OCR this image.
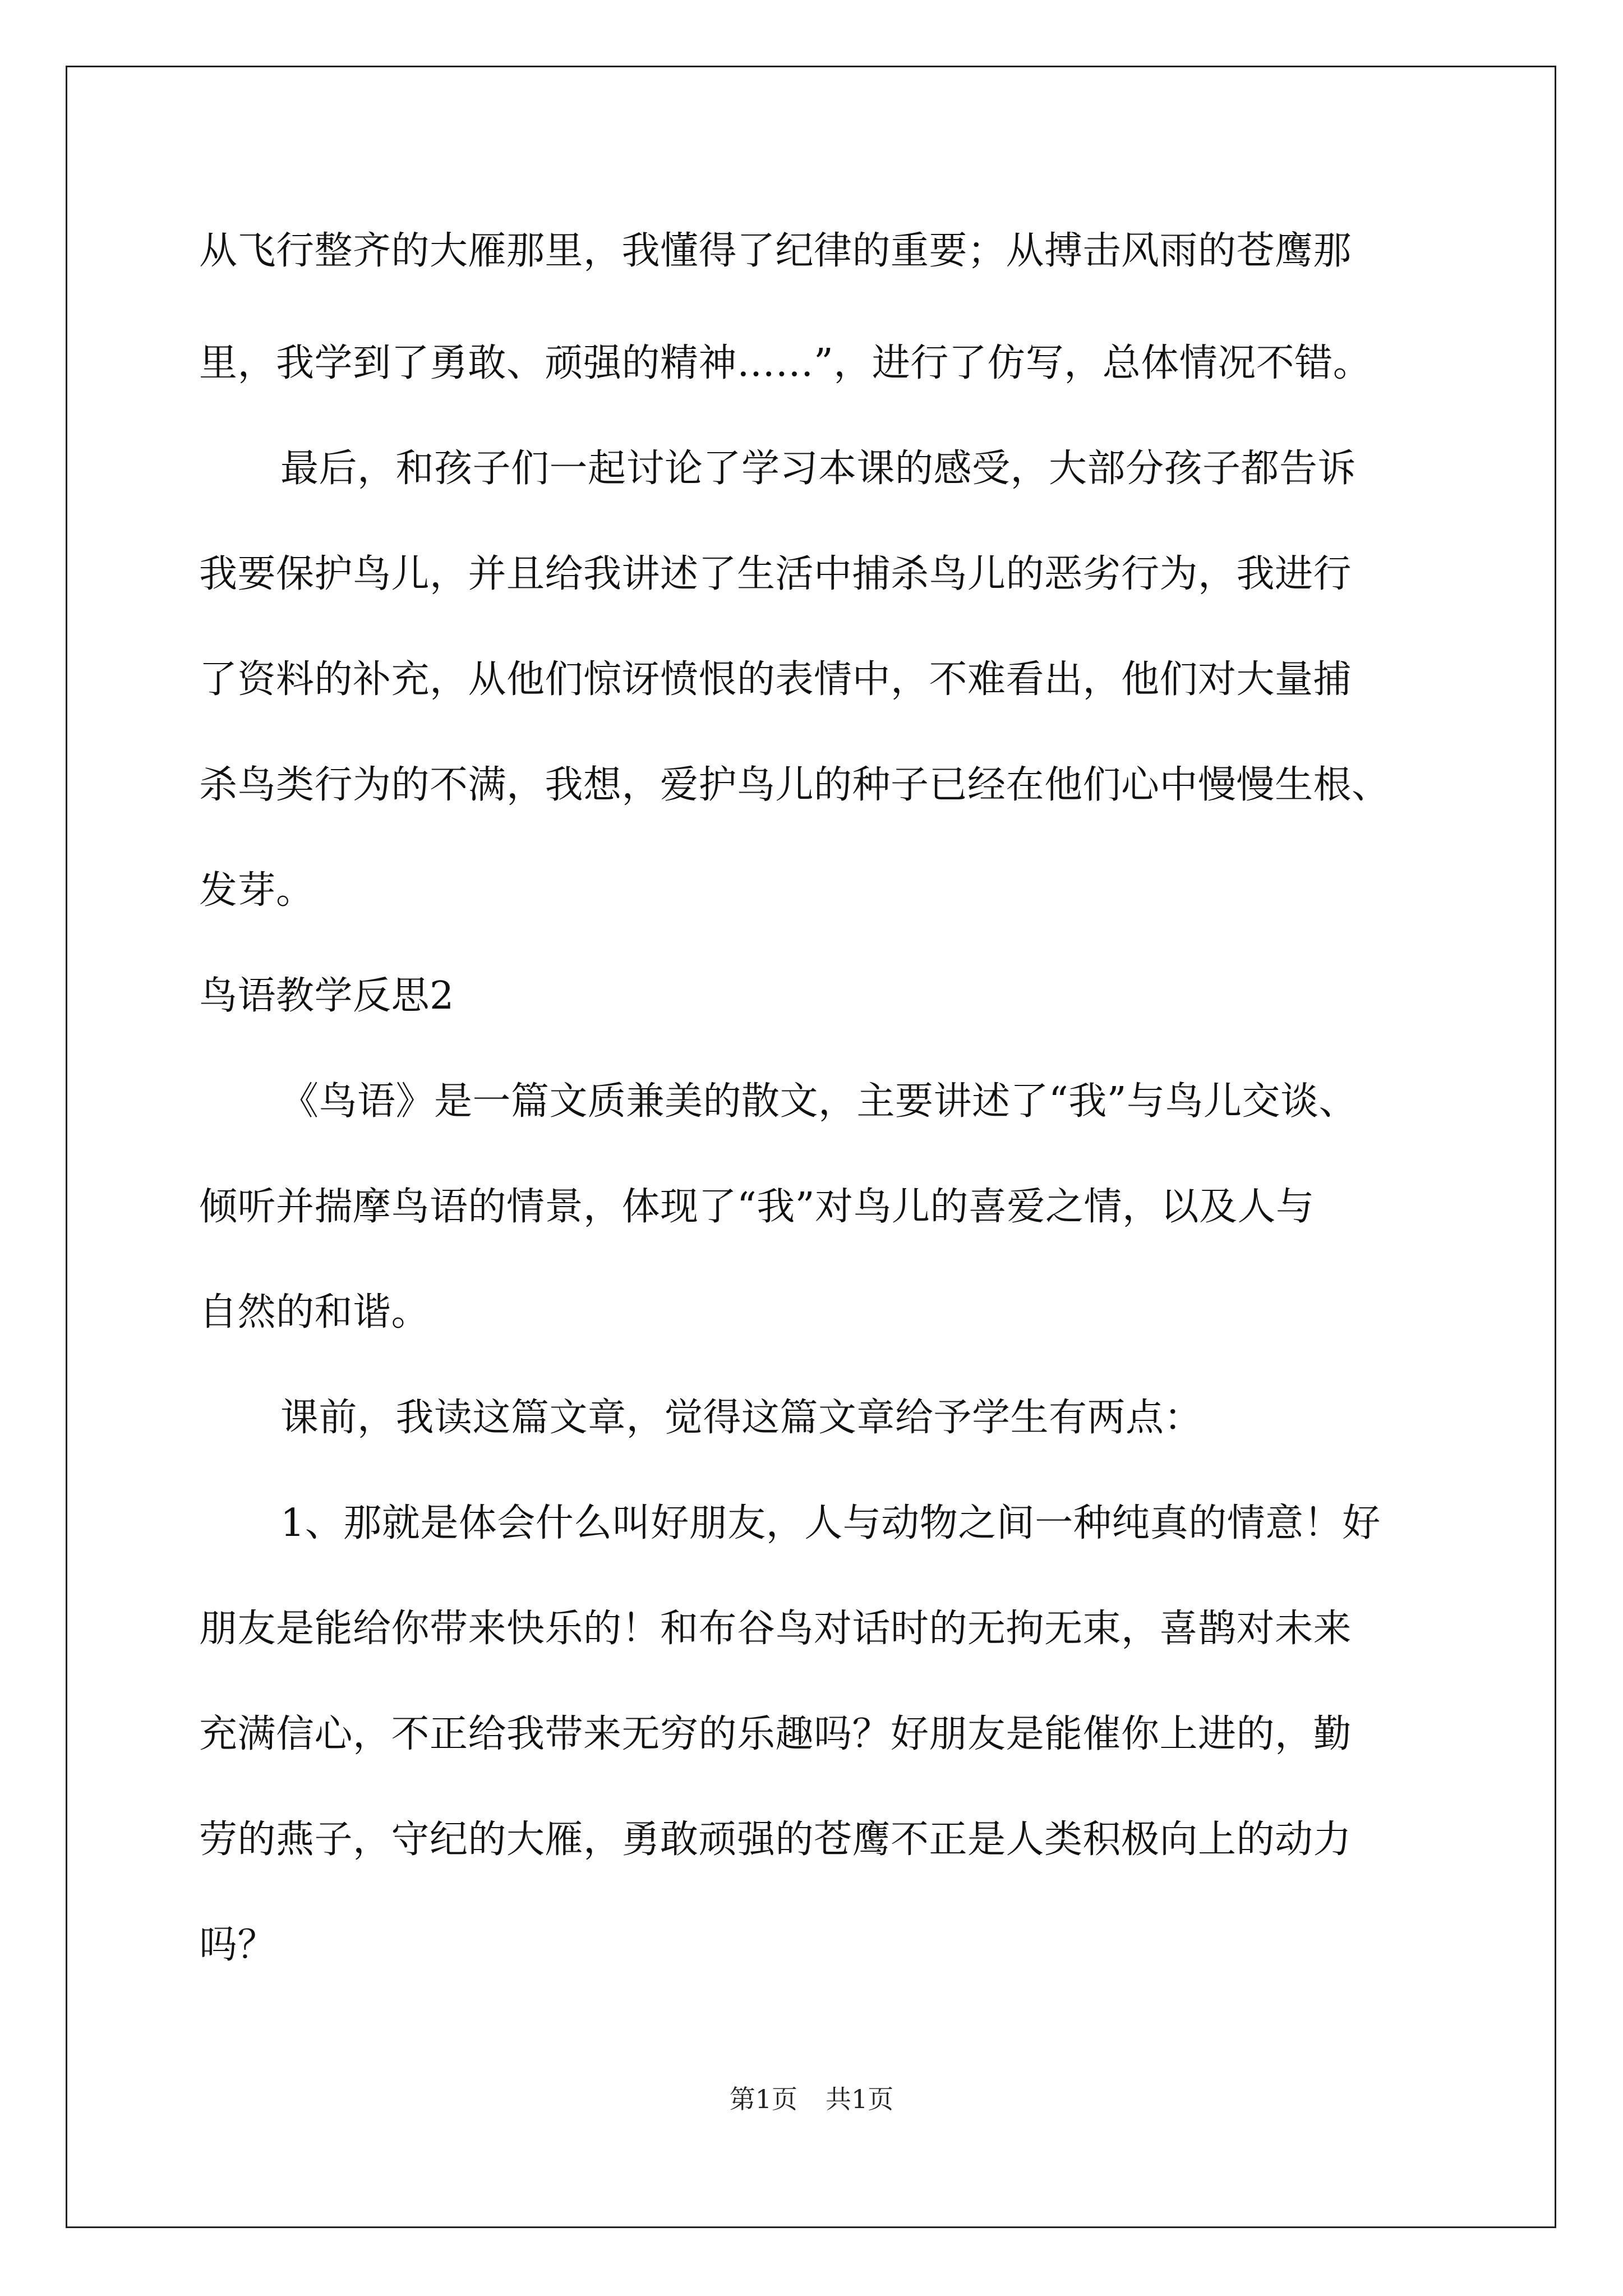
从飞行整齐的大雁那里，我懂得了纪律的重要；从搏击风雨的苍鹰那
里，我学到了勇敢、顽强的精神……”，进行了仿写，总体情况不错。
最后，和孩子们一起讨论了学习本课的感受，大部分孩子都告诉
我要保护鸟儿，并且给我讲述了生活中捕杀鸟儿的恶劣行为，我进行
了资料的补充，从他们惊讶愤恨的表情中，不难看出，他们对大量捕
杀鸟类行为的不满，我想，爱护鸟儿的种子已经在他们心中慢慢生根、
发芽。
鸟语教学反思2
《鸟语》是一篇文质兼美的散文，主要讲述了“我”与鸟儿交谈、
倾听并揣摩鸟语的情景，体现了“我”对鸟儿的喜爱之情，以及人与
自然的和谐。
课前，我读这篇文章，觉得这篇文章给予学生有两点：
1、那就是体会什么叫好朋友，人与动物之间一种纯真的情意！好
朋友是能给你带来快乐的！和布谷鸟对话时的无拘无束，喜鹊对未来
充满信心，不正给我带来无穷的乐趣吗？好朋友是能催你上进的，勤
劳的燕子，守纪的大雁，勇敢顽强的苍鹰不正是人类积极向上的动力
吗？
第1页 共1页
